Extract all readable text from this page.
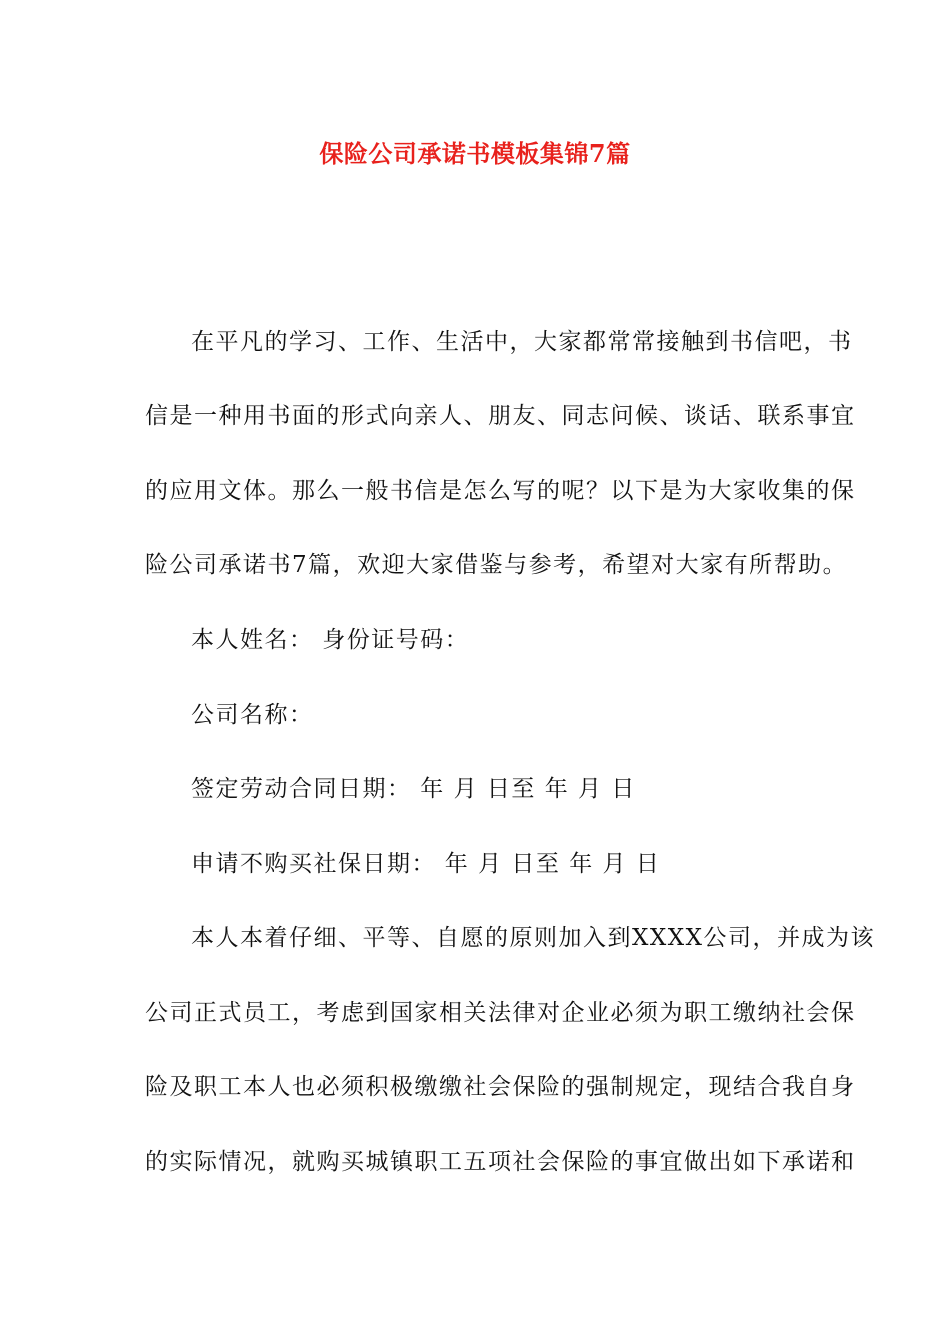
保险公司承诺书模板集锦7篇
在平凡的学习、工作、生活中，大家都常常接触到书信吧，书
信是一种用书面的形式向亲人、朋友、同志问候、谈话、联系事宜
的应用文体。那么一般书信是怎么写的呢？以下是为大家收集的保
险公司承诺书7篇，欢迎大家借鉴与参考，希望对大家有所帮助。
本人姓名： 身份证号码：
公司名称：
签定劳动合同日期： 年 月 日至 年 月 日
申请不购买社保日期： 年 月 日至 年 月 日
本人本着仔细、平等、自愿的原则加入到XXXX公司，并成为该
公司正式员工，考虑到国家相关法律对企业必须为职工缴纳社会保
险及职工本人也必须积极缴缴社会保险的强制规定，现结合我自身
的实际情况，就购买城镇职工五项社会保险的事宜做出如下承诺和
